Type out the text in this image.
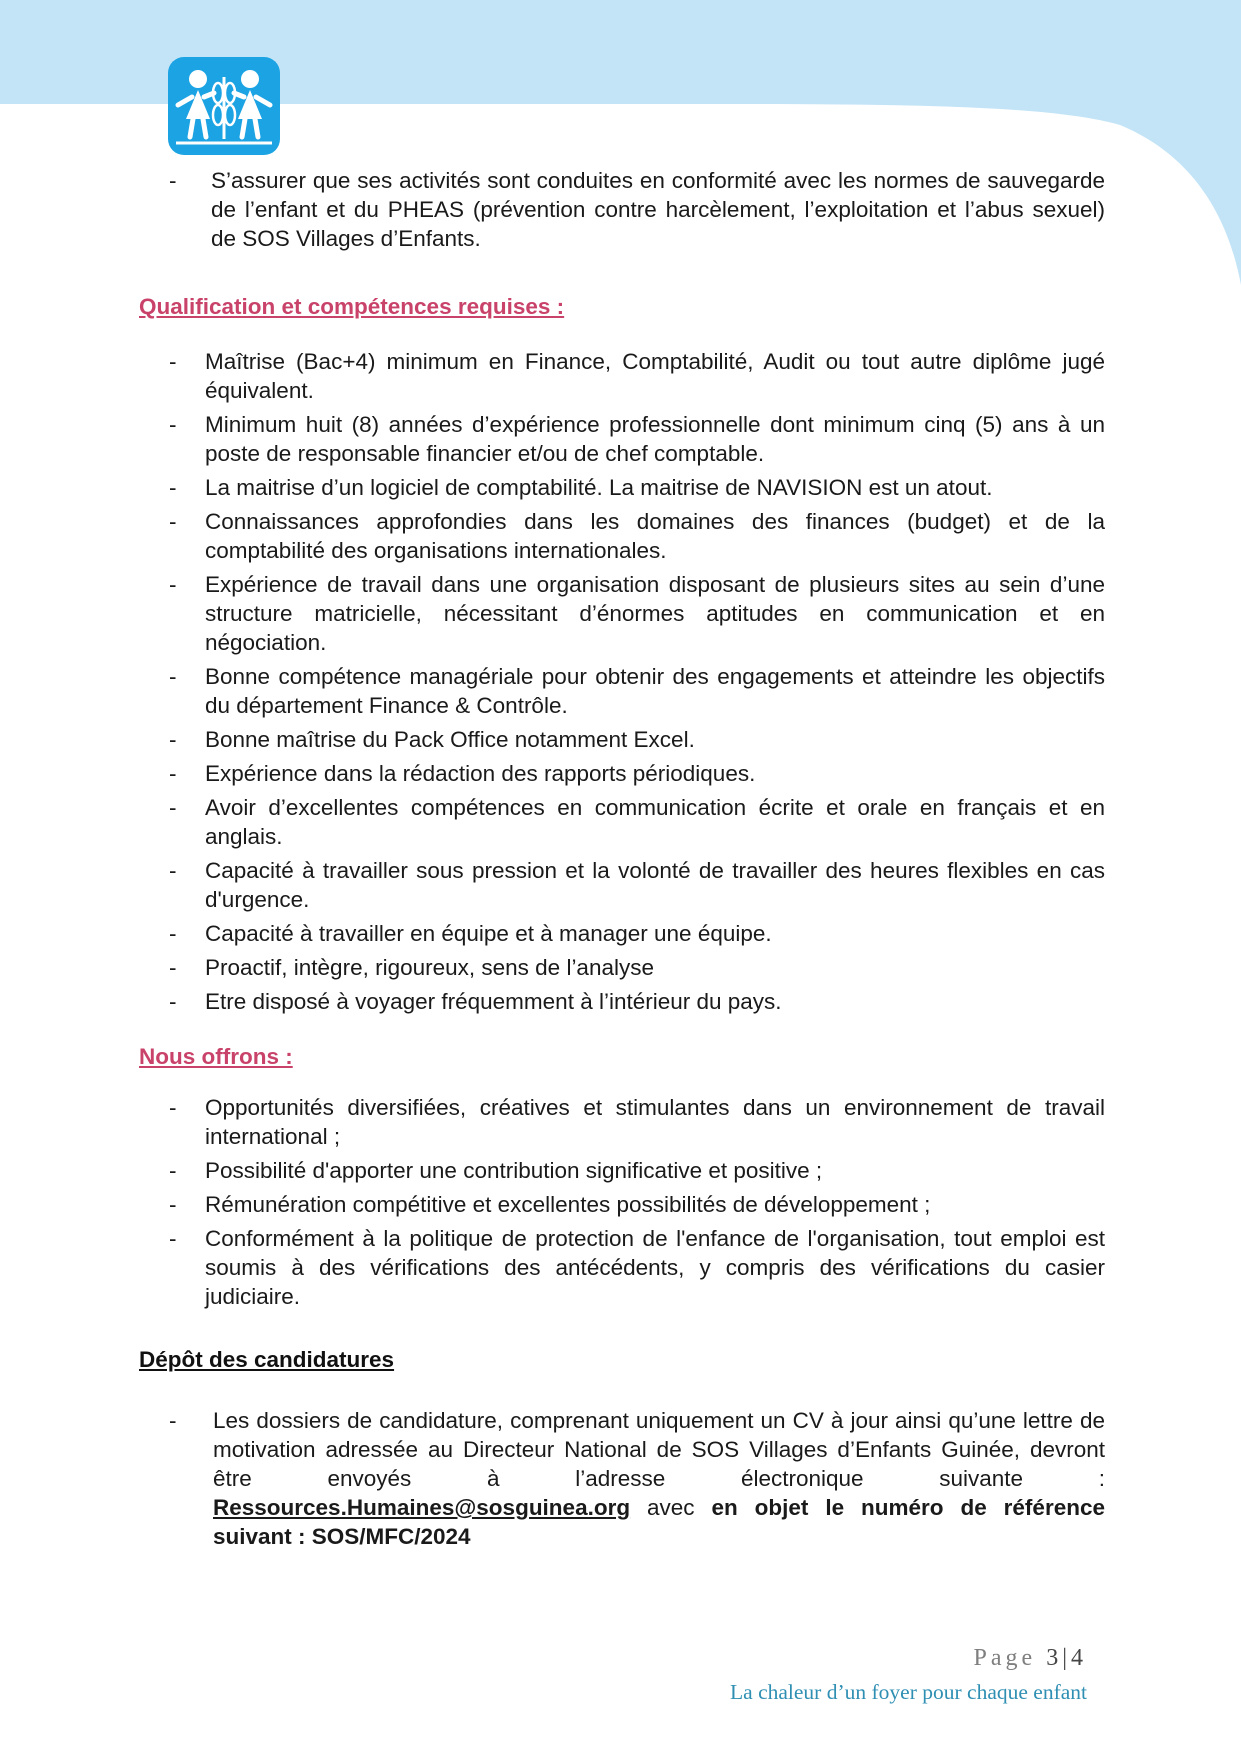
-	S’assurer que ses activités sont conduites en conformité avec les normes de sauvegarde de l’enfant et du PHEAS (prévention contre harcèlement, l’exploitation et l’abus sexuel) de SOS Villages d’Enfants.
Qualification et compétences requises :
-	Maîtrise (Bac+4) minimum en Finance, Comptabilité, Audit ou tout autre diplôme jugé équivalent.
-	Minimum huit (8) années d’expérience professionnelle dont minimum cinq (5) ans à un poste de responsable financier et/ou de chef comptable.
-	La maitrise d’un logiciel de comptabilité. La maitrise de NAVISION est un atout.
-	Connaissances approfondies dans les domaines des finances (budget) et de la comptabilité des organisations internationales.
-	Expérience de travail dans une organisation disposant de plusieurs sites au sein d’une structure matricielle, nécessitant d’énormes aptitudes en communication et en négociation.
-	Bonne compétence managériale pour obtenir des engagements et atteindre les objectifs du département Finance & Contrôle.
-	Bonne maîtrise du Pack Office notamment Excel.
-	Expérience dans la rédaction des rapports périodiques.
-	Avoir d’excellentes compétences en communication écrite et orale en français et en anglais.
-	Capacité à travailler sous pression et la volonté de travailler des heures flexibles en cas d'urgence.
-	Capacité à travailler en équipe et à manager une équipe.
-	Proactif, intègre, rigoureux, sens de l’analyse
-	Etre disposé à voyager fréquemment à l’intérieur du pays.
Nous offrons :
-	Opportunités diversifiées, créatives et stimulantes dans un environnement de travail international ;
-	Possibilité d'apporter une contribution significative et positive ;
-	Rémunération compétitive et excellentes possibilités de développement ;
-	Conformément à la politique de protection de l'enfance de l'organisation, tout emploi est soumis à des vérifications des antécédents, y compris des vérifications du casier judiciaire.
Dépôt des candidatures
-	Les dossiers de candidature, comprenant uniquement un CV à jour ainsi qu’une lettre de motivation adressée au Directeur National de SOS Villages d’Enfants Guinée, devront être envoyés à l’adresse électronique suivante : Ressources.Humaines@sosguinea.org avec en objet le numéro de référence suivant : SOS/MFC/2024
Page 3|4
La chaleur d’un foyer pour chaque enfant
